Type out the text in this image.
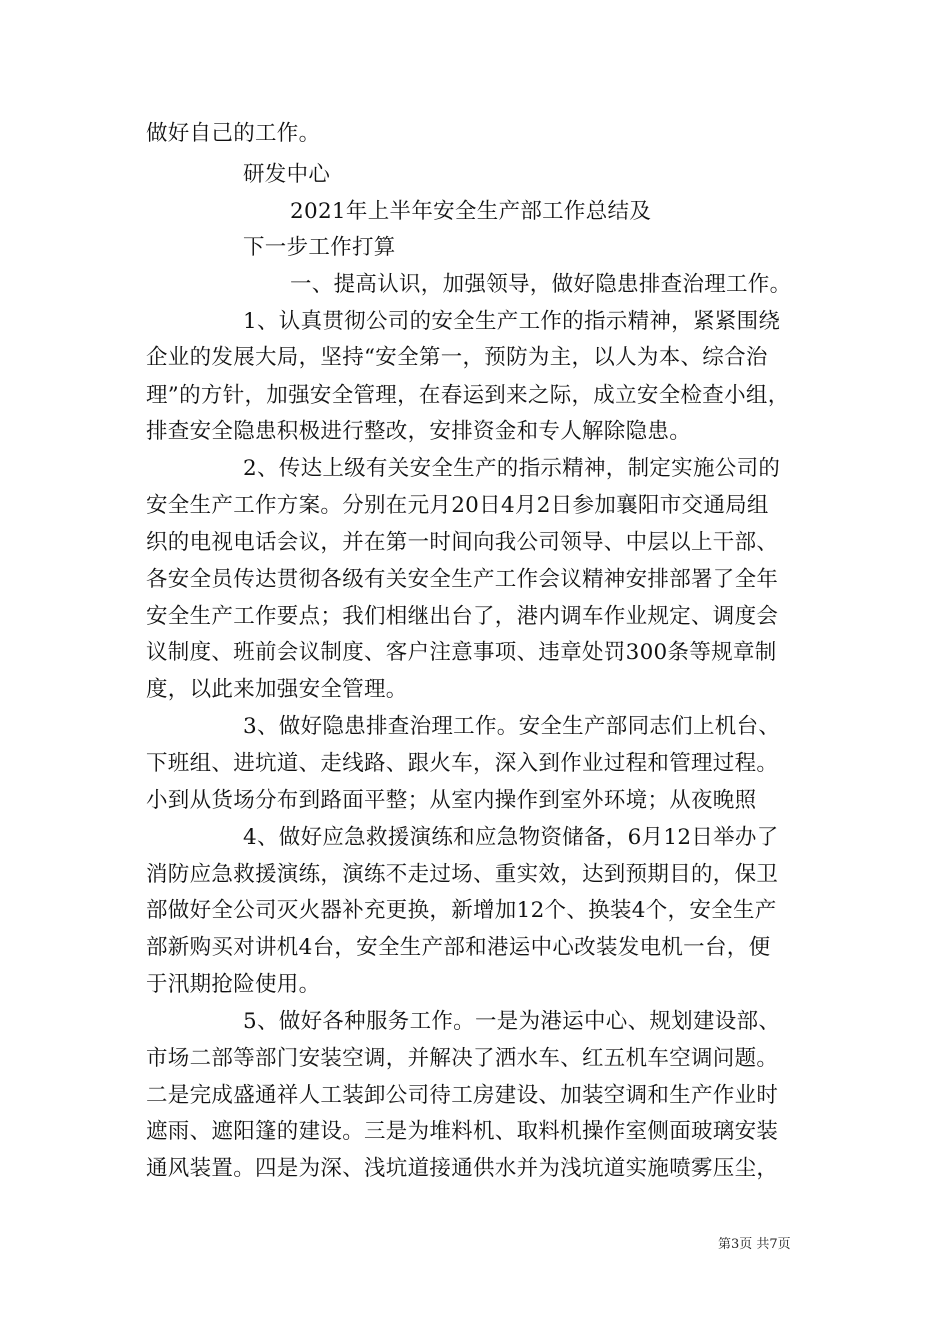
做好自己的工作。
研发中心
2021年上半年安全生产部工作总结及
下一步工作打算
一、提高认识，加强领导，做好隐患排查治理工作。
1、认真贯彻公司的安全生产工作的指示精神，紧紧围绕
企业的发展大局，坚持“安全第一，预防为主，以人为本、综合治
理”的方针，加强安全管理，在春运到来之际，成立安全检查小组，
排查安全隐患积极进行整改，安排资金和专人解除隐患。
2、传达上级有关安全生产的指示精神，制定实施公司的
安全生产工作方案。分别在元月20日4月2日参加襄阳市交通局组
织的电视电话会议，并在第一时间向我公司领导、中层以上干部、
各安全员传达贯彻各级有关安全生产工作会议精神安排部署了全年
安全生产工作要点；我们相继出台了，港内调车作业规定、调度会
议制度、班前会议制度、客户注意事项、违章处罚300条等规章制
度，以此来加强安全管理。
3、做好隐患排查治理工作。安全生产部同志们上机台、
下班组、进坑道、走线路、跟火车，深入到作业过程和管理过程。
小到从货场分布到路面平整；从室内操作到室外环境；从夜晚照
4、做好应急救援演练和应急物资储备，6月12日举办了
消防应急救援演练，演练不走过场、重实效，达到预期目的，保卫
部做好全公司灭火器补充更换，新增加12个、换装4个，安全生产
部新购买对讲机4台，安全生产部和港运中心改装发电机一台，便
于汛期抢险使用。
5、做好各种服务工作。一是为港运中心、规划建设部、
市场二部等部门安装空调，并解决了洒水车、红五机车空调问题。
二是完成盛通祥人工装卸公司待工房建设、加装空调和生产作业时
遮雨、遮阳篷的建设。三是为堆料机、取料机操作室侧面玻璃安装
通风装置。四是为深、浅坑道接通供水并为浅坑道实施喷雾压尘，
第3页 共7页
